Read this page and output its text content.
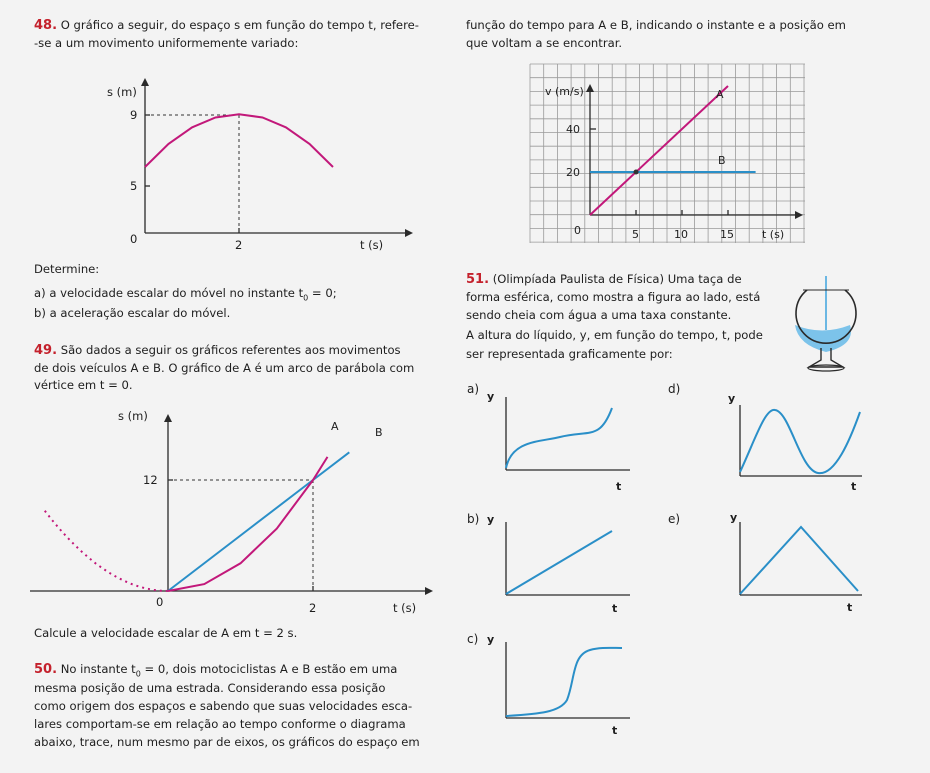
48. O gráfico a seguir, do espaço s em função do tempo t, refere-
-se a um movimento uniformemente variado:
s (m)
9
5
0	2	t (s)
Determine:
a) a velocidade escalar do móvel no instante $t_0 = 0$;
b) a aceleração escalar do móvel.
49. São dados a seguir os gráficos referentes aos movimentos
de dois veículos A e B. O gráfico de A é um arco de parábola com
vértice em t = 0.
s (m)
12
0	2	t (s)
A	B
Calcule a velocidade escalar de A em t = 2 s.
50. No instante $t_0 = 0$, dois motociclistas A e B estão em uma
mesma posição de uma estrada. Considerando essa posição
como origem dos espaços e sabendo que suas velocidades esca-
lares comportam-se em relação ao tempo conforme o diagrama
abaixo, trace, num mesmo par de eixos, os gráficos do espaço em
função do tempo para A e B, indicando o instante e a posição em
que voltam a se encontrar.
v (m/s)
40
20
0	5	10	15	t (s)
A
B
51. (Olimpíada Paulista de Física) Uma taça de
forma esférica, como mostra a figura ao lado, está
sendo cheia com água a uma taxa constante.
A altura do líquido, y, em função do tempo, t, pode
ser representada graficamente por:
a)
y
t
b) y
t
c) y
t
d)
y
t
e)	y
t
